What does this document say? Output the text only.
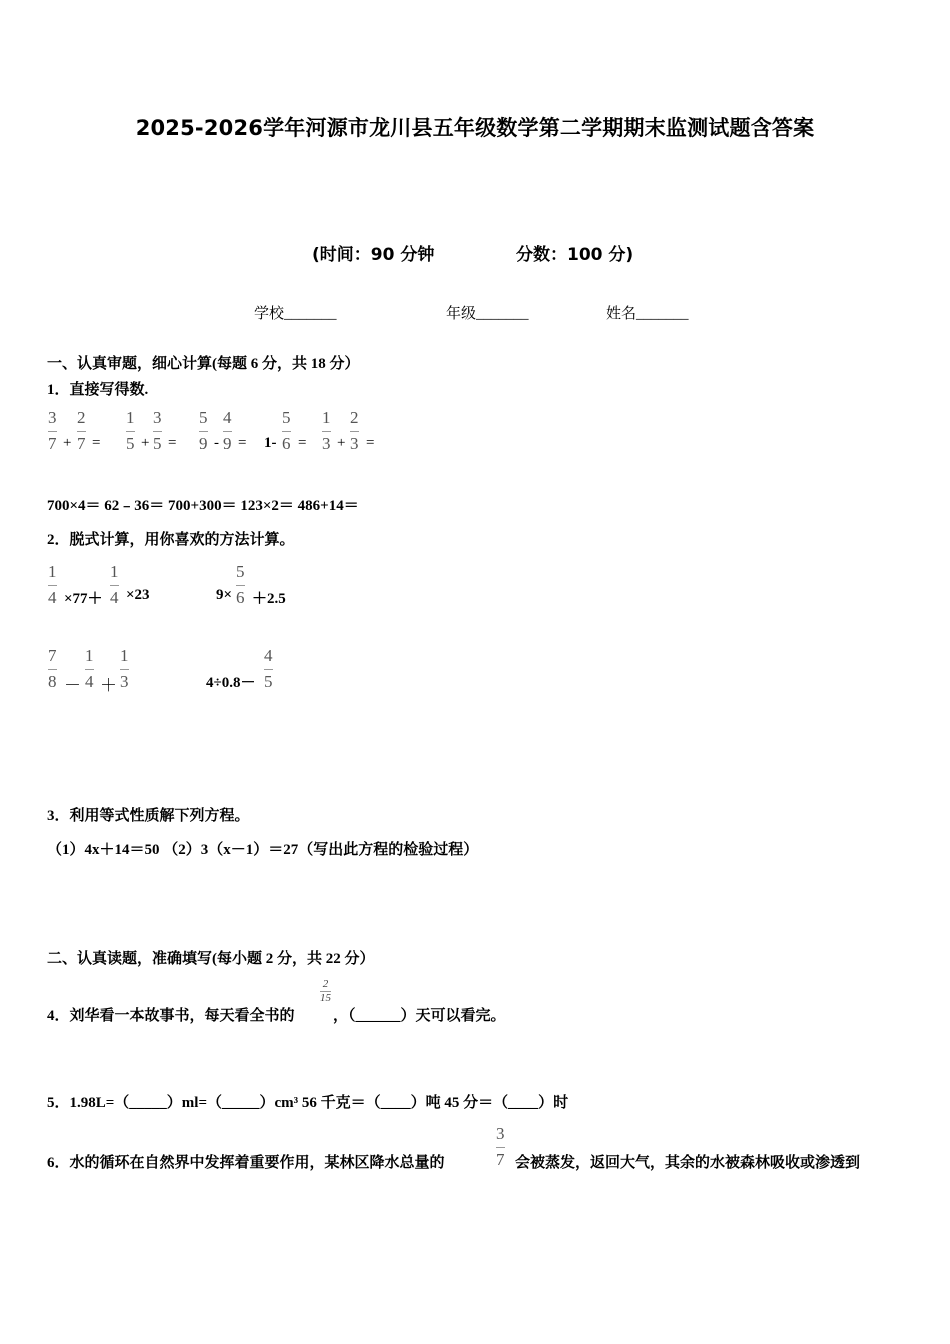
2025-2026学年河源市龙川县五年级数学第二学期期末监测试题含答案
(时间：90 分钟	分数：100 分)
学校_______	年级_______	姓名_______
一、认真审题，细心计算(每题 6 分，共 18 分）
1．直接写得数.
3
7 +
2
7 =
1
5 +
3
5 =
5
9 -
4
9 = 1-
5
6 =
1
3 +
2
3 =
700×4＝ 62﹣36＝ 700+300＝ 123×2＝ 486+14＝
2．脱式计算，用你喜欢的方法计算。
1
4 ×77＋
1
4 ×23	9×
5
6 ＋2.5
7
8 －
1
4 ＋
1
3	4÷0.8－
4
5
3．利用等式性质解下列方程。
（1）4x＋14＝50 （2）3（x－1）＝27（写出此方程的检验过程）
二、认真读题，准确填写(每小题 2 分，共 22 分）
4．刘华看一本故事书，每天看全书的
2
15
，（______）天可以看完。
5．1.98L=（_____）ml=（_____）cm³ 56 千克＝（____）吨 45 分＝（____）时
6．水的循环在自然界中发挥着重要作用，某林区降水总量的
3
7 会被蒸发，返回大气，其余的水被森林吸收或渗透到
